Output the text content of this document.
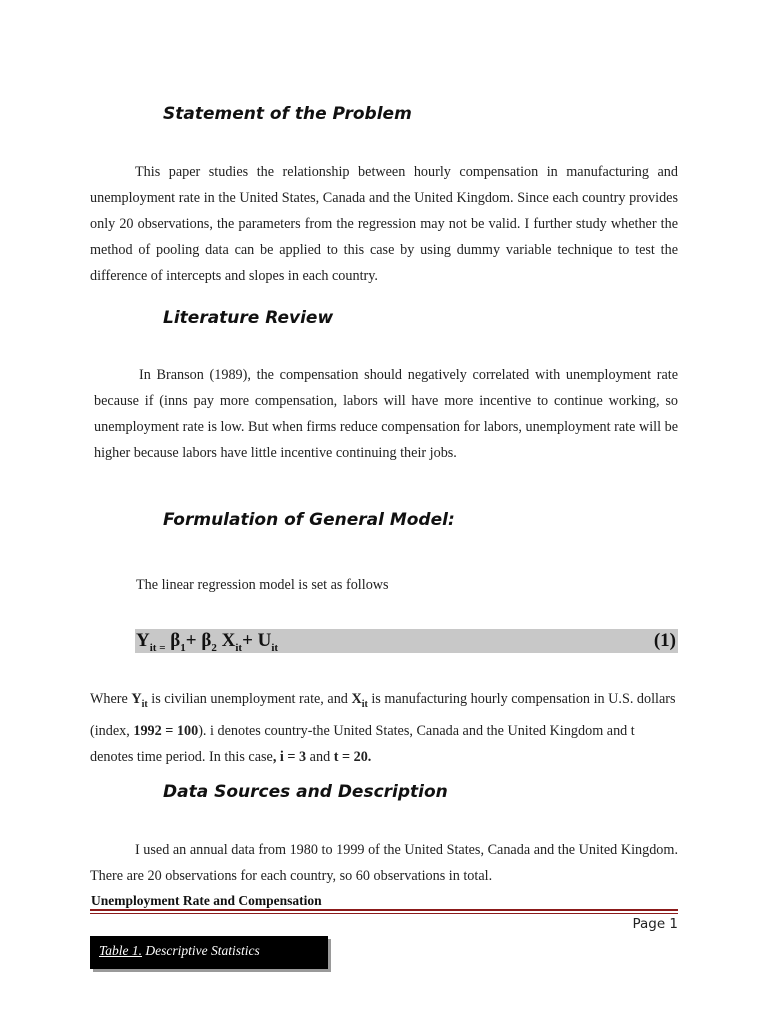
Statement of the Problem
This paper studies the relationship between hourly compensation in manufacturing and unemployment rate in the United States, Canada and the United Kingdom. Since each country provides only 20 observations, the parameters from the regression may not be valid. I further study whether the method of pooling data can be applied to this case by using dummy variable technique to test the difference of intercepts and slopes in each country.
Literature Review
In Branson (1989), the compensation should negatively correlated with unemployment rate because if (inns pay more compensation, labors will have more incentive to continue working, so unemployment rate is low. But when firms reduce compensation for labors, unemployment rate will be higher because labors have little incentive continuing their jobs.
Formulation of General Model:
The linear regression model is set as follows
$Y_{it =}$ $\beta_1+ \beta_2$ $X_{it}+ U_{it}$	(1)
Where $Y_{it}$ is civilian unemployment rate, and $X_{it}$ is manufacturing hourly compensation in U.S. dollars (index, 1992 = 100). i denotes country-the United States, Canada and the United Kingdom and t denotes time period. In this case, i = 3 and t = 20.
Data Sources and Description
I used an annual data from 1980 to 1999 of the United States, Canada and the United Kingdom. There are 20 observations for each country, so 60 observations in total.
Unemployment Rate and Compensation
Page 1
Table 1. Descriptive Statistics
